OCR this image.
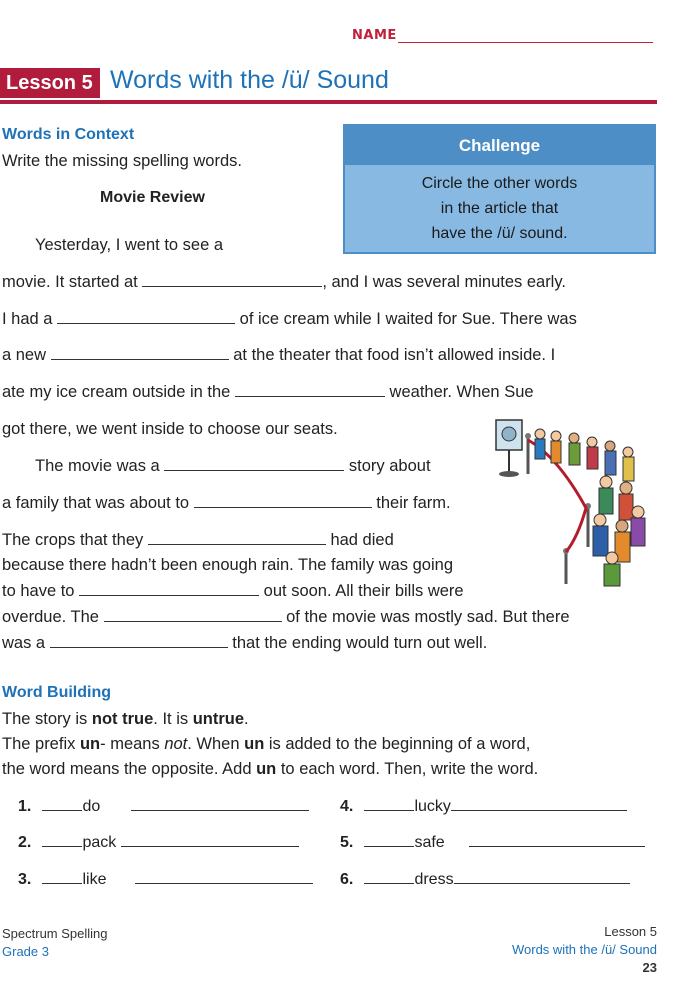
NAME
Lesson 5 Words with the /ü/ Sound
Words in Context
Write the missing spelling words.
Movie Review
Challenge
Circle the other words
in the article that
have the /ü/ sound.
Yesterday, I went to see a
movie. It started at	, and I was several minutes early.
I had a	of ice cream while I waited for Sue. There was
a new	at the theater that food isn’t allowed inside. I
ate my ice cream outside in the	weather. When Sue
got there, we went inside to choose our seats.
The movie was a	story about
a family that was about to	their farm.
The crops that they	had died
because there hadn’t been enough rain. The family was going
to have to	out soon. All their bills were
overdue. The	of the movie was mostly sad. But there
was a	that the ending would turn out well.
Word Building
The story is not true. It is untrue.
The prefix un- means not. When un is added to the beginning of a word,
the word means the opposite. Add un to each word. Then, write the word.
1.	do
2.	pack
3.	like
4.	lucky
5.	safe
6.	dress
Spectrum Spelling
Grade 3
Lesson 5
Words with the /ü/ Sound
23
